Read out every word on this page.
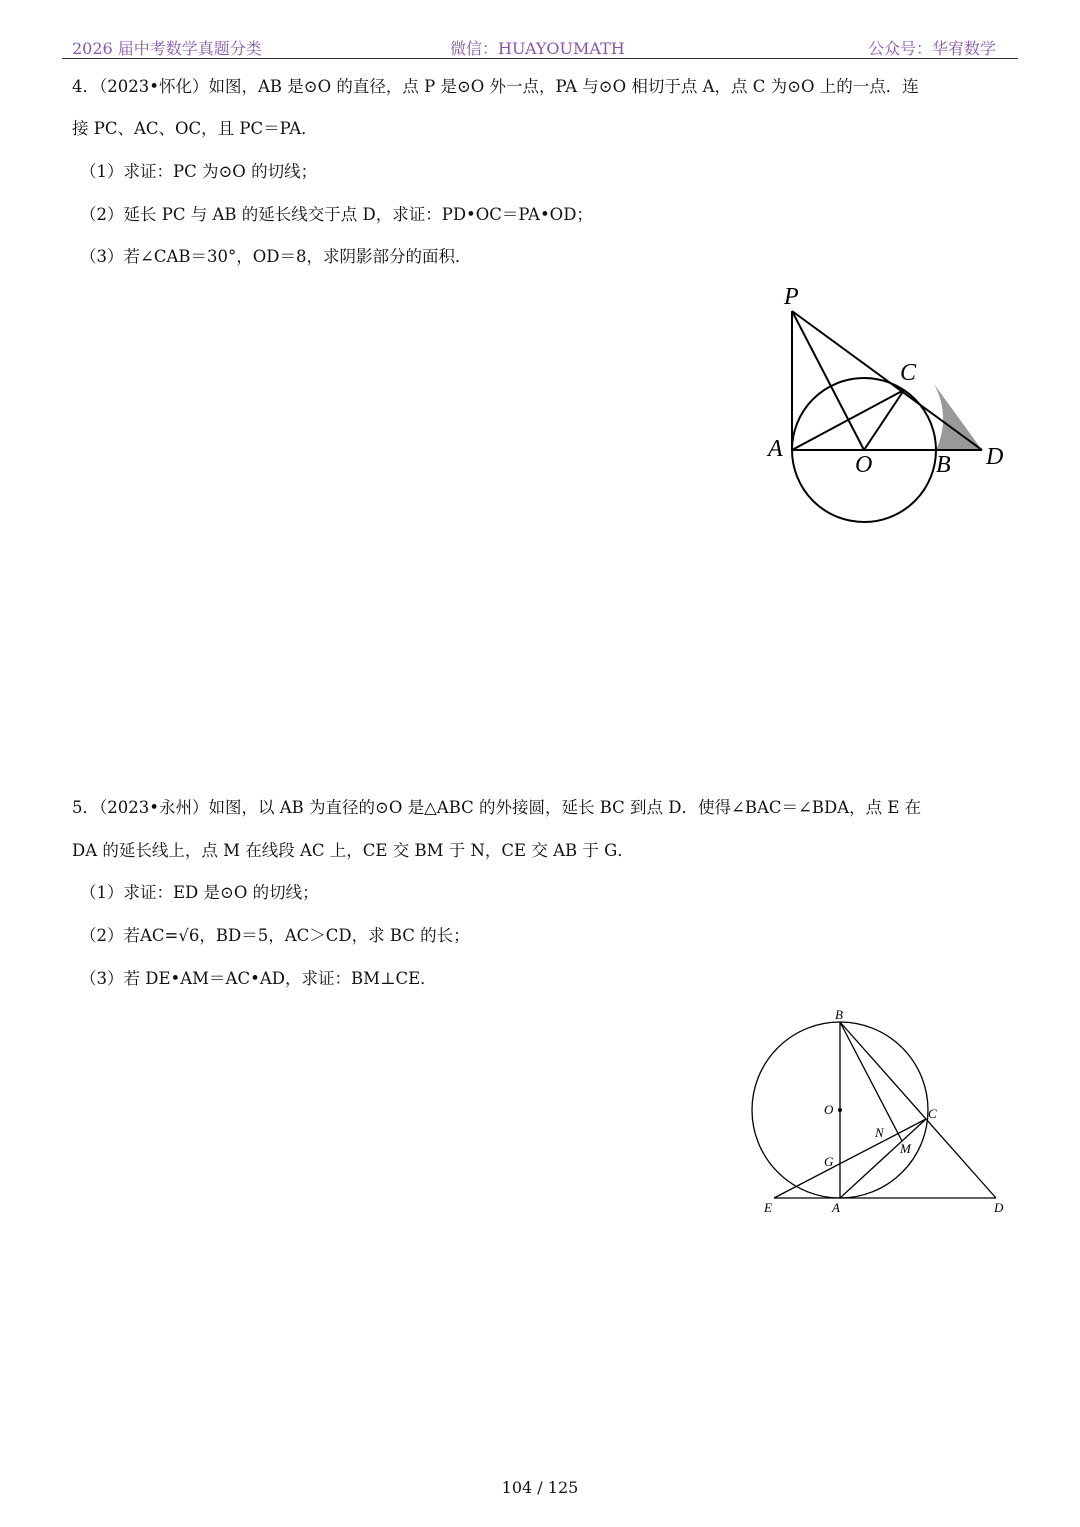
2026 届中考数学真题分类	微信：HUAYOUMATH	公众号：华宥数学
4．（2023•怀化）如图，AB 是⊙O 的直径，点 P 是⊙O 外一点，PA 与⊙O 相切于点 A，点 C 为⊙O 上的一点．连
接 PC、AC、OC，且 PC＝PA．
（1）求证：PC 为⊙O 的切线；
（2）延长 PC 与 AB 的延长线交于点 D，求证：PD•OC＝PA•OD；
（3）若∠CAB＝30°，OD＝8，求阴影部分的面积．
P
C
A
O	B D
5．（2023•永州）如图，以 AB 为直径的⊙O 是△ABC 的外接圆，延长 BC 到点 D．使得∠BAC＝∠BDA，点 E 在
DA 的延长线上，点 M 在线段 AC 上，CE 交 BM 于 N，CE 交 AB 于 G．
（1）求证：ED 是⊙O 的切线；
（2）若AC=√6，BD＝5，AC＞CD，求 BC 的长；
（3）若 DE•AM＝AC•AD，求证：BM⊥CE．
B
O	C
N
M
G
E	A	D
104 / 125
